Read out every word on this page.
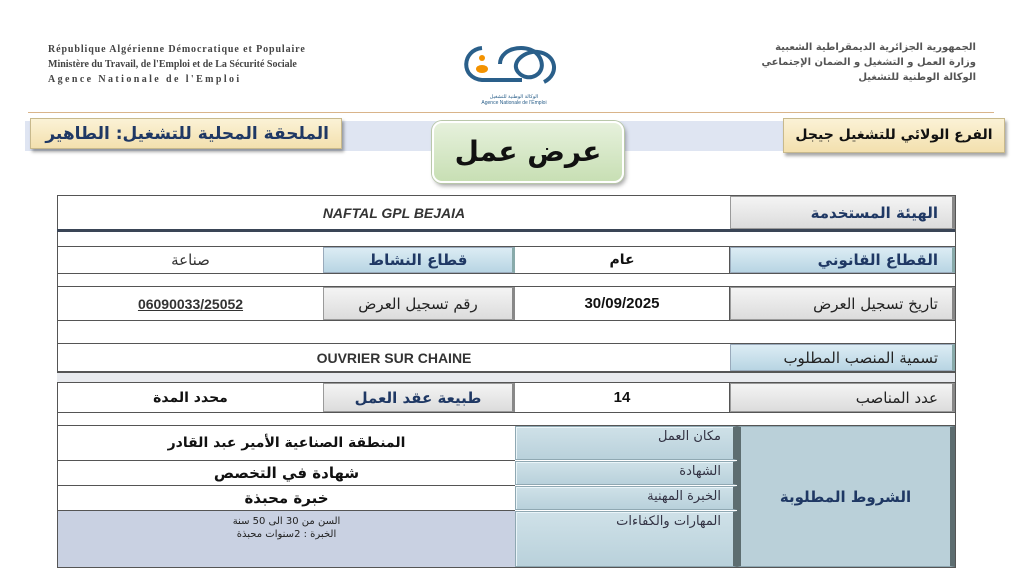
République Algérienne Démocratique et Populaire
Ministère du Travail, de l'Emploi et de La Sécurité Sociale
Agence Nationale de l'Emploi
الوكالة الوطنية للتشغيل
Agence Nationale de l'Emploi
الجمهورية الجزائرية الديمقراطية الشعبية
وزارة العمل و التشغيل و الضمان الإجتماعي
الوكالة الوطنية للتشغيل
الملحقة المحلية للتشغيل: الطاهير
عرض عمل	الفرع الولائي للتشغيل جيجل
الهيئة المستخدمة
NAFTAL GPL BEJAIA
القطاع القانوني
عام
قطاع النشاط
صناعة
تاريخ تسجيل العرض
30/09/2025
رقم تسجيل العرض
06090033/25052
تسمية المنصب المطلوب
OUVRIER SUR CHAINE
عدد المناصب
14
طبيعة عقد العمل
محدد المدة
الشروط المطلوبة
مكان العمل
المنطقة الصناعية الأمير عبد القادر
الشهادة
شهادة في التخصص
الخبرة المهنية
خبرة محبذة
المهارات والكفاءات
السن من 30 الى 50 سنة
الخبرة : 2سنوات محبذة
